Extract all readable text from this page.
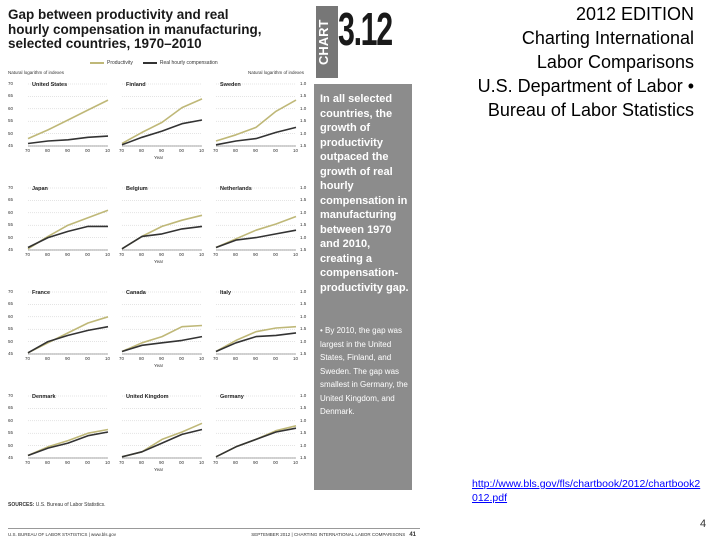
Gap between productivity and real hourly compensation in manufacturing, selected countries, 1970–2010
Productivity	Real hourly compensation
Natural logarithm of indexes	Natural logarithm of indexes
70
65
60
55
50
45
1.0
1.5
1.0
1.5
1.0
1.5
United States
70	80	90	00	10
Finland
70	80	90	00	10
Sweden
70	80	90	00	10
Year
70
65
60
55
50
45
1.0
1.5
1.0
1.5
1.0
1.5
Japan
70	80	90	00	10
Belgium
70	80	90	00	10
Netherlands
70	80	90	00	10
Year
70
65
60
55
50
45
1.0
1.5
1.0
1.5
1.0
1.5
France
70	80	90	00	10
Canada
70	80	90	00	10
Italy
70	80	90	00	10
Year
70
65
60
55
50
45
1.0
1.5
1.0
1.5
1.0
1.5
Denmark
70	80	90	00	10
United Kingdom
70	80	90	00	10
Germany
70	80	90	00	10
Year
SOURCES: U.S. Bureau of Labor Statistics.
U.S. BUREAU OF LABOR STATISTICS | www.bls.gov	SEPTEMBER 2012 | CHARTING INTERNATIONAL LABOR COMPARISONS 41
CHART 3.12
In all selected countries, the growth of productivity outpaced the growth of real hourly compensation in manufacturing between 1970 and 2010, creating a compensation-productivity gap.
• By 2010, the gap was largest in the United States, Finland, and Sweden. The gap was smallest in Germany, the United Kingdom, and Denmark.
2012 EDITION
Charting International
Labor Comparisons
U.S. Department of Labor •
Bureau of Labor Statistics
http://www.bls.gov/fls/chartbook/2012/chartbook2012.pdf
4
